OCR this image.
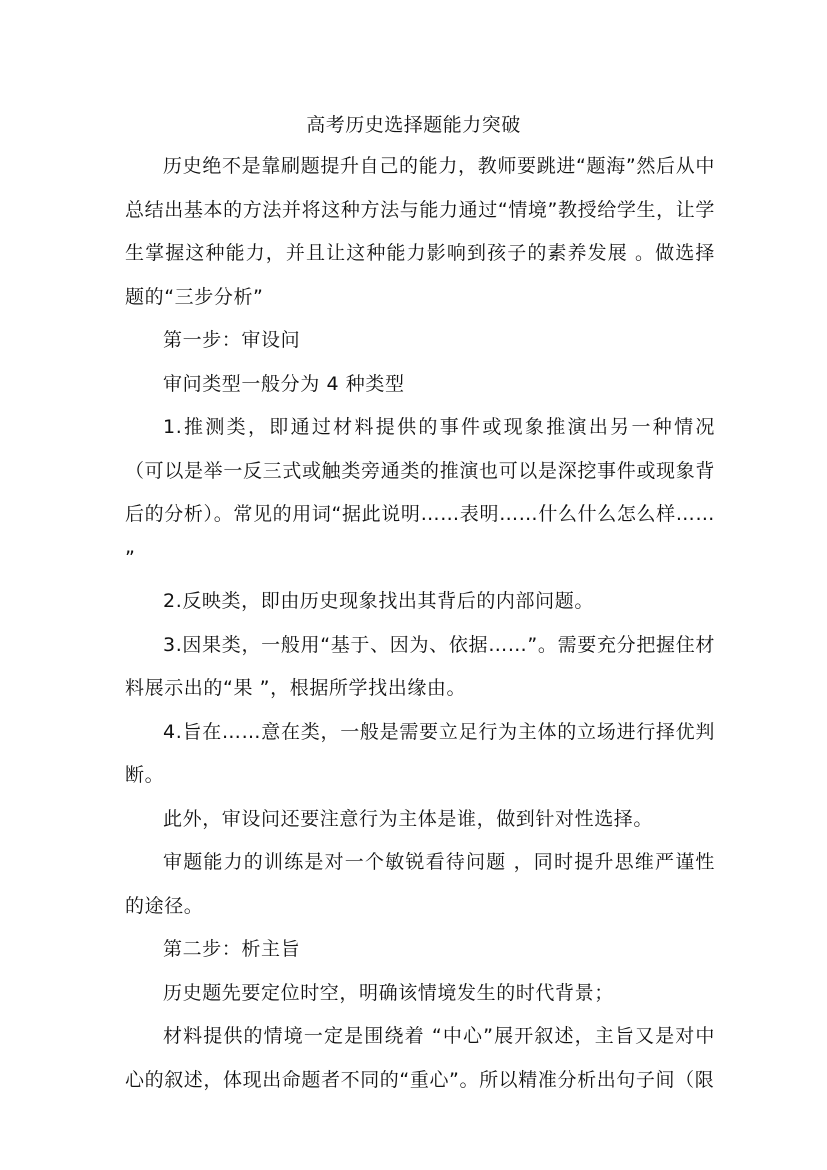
高考历史选择题能力突破

历史绝不是靠刷题提升自己的能力，教师要跳进“题海”然后从中总结出基本的方法并将这种方法与能力通过“情境”教授给学生，让学生掌握这种能力，并且让这种能力影响到孩子的素养发展 。做选择题的“三步分析”

第一步：审设问

审问类型一般分为 4 种类型

1.推测类，即通过材料提供的事件或现象推演出另一种情况 （可以是举一反三式或触类旁通类的推演也可以是深挖事件或现象背后的分析）。常见的用词“据此说明……表明……什么什么怎么样…… ”

2.反映类，即由历史现象找出其背后的内部问题。

3.因果类，一般用“基于、因为、依据……”。需要充分把握住材料展示出的“果 ”，根据所学找出缘由。

4.旨在……意在类，一般是需要立足行为主体的立场进行择优判断。

此外，审设问还要注意行为主体是谁，做到针对性选择。

审题能力的训练是对一个敏锐看待问题 ，同时提升思维严谨性的途径。

第二步：析主旨

历史题先要定位时空，明确该情境发生的时代背景；

材料提供的情境一定是围绕着 “中心”展开叙述，主旨又是对中心的叙述，体现出命题者不同的“重心”。所以精准分析出句子间（限
